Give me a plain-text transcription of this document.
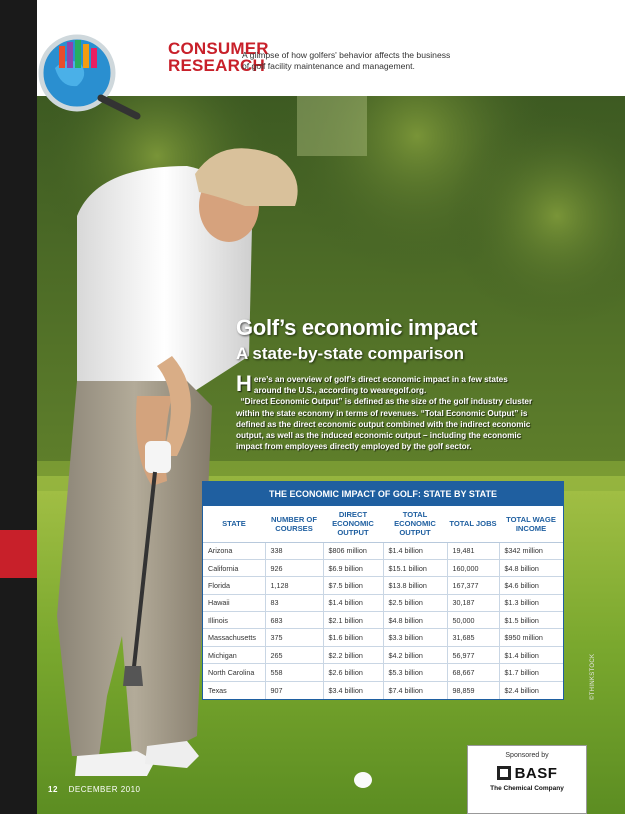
CONSUMER
RESEARCH
A glimpse of how golfers' behavior affects the business
of golf facility maintenance and management.
Golf’s economic impact
A state-by-state comparison
Here’s an overview of golf’s direct economic impact in a few states around the U.S., according to wearegolf.org.
“Direct Economic Output” is defined as the size of the golf industry cluster within the state economy in terms of revenues. “Total Economic Output” is defined as the direct economic output combined with the indirect economic output, as well as the induced economic output – including the economic impact from employees directly employed by the golf sector.
THE ECONOMIC IMPACT OF GOLF: STATE BY STATE
STATE	NUMBER OF COURSES	DIRECT ECONOMIC OUTPUT	TOTAL ECONOMIC OUTPUT	TOTAL JOBS	TOTAL WAGE INCOME
Arizona	338	$806 million	$1.4 billion	19,481	$342 million
California	926	$6.9 billion	$15.1 billion	160,000	$4.8 billion
Florida	1,128	$7.5 billion	$13.8 billion	167,377	$4.6 billion
Hawaii	83	$1.4 billion	$2.5 billion	30,187	$1.3 billion
Illinois	683	$2.1 billion	$4.8 billion	50,000	$1.5 billion
Massachusetts	375	$1.6 billion	$3.3 billion	31,685	$950 million
Michigan	265	$2.2 billion	$4.2 billion	56,977	$1.4 billion
North Carolina	558	$2.6 billion	$5.3 billion	68,667	$1.7 billion
Texas	907	$3.4 billion	$7.4 billion	98,859	$2.4 billion
Sponsored by
BASF
The Chemical Company
12 DECEMBER 2010
©THINKSTOCK
